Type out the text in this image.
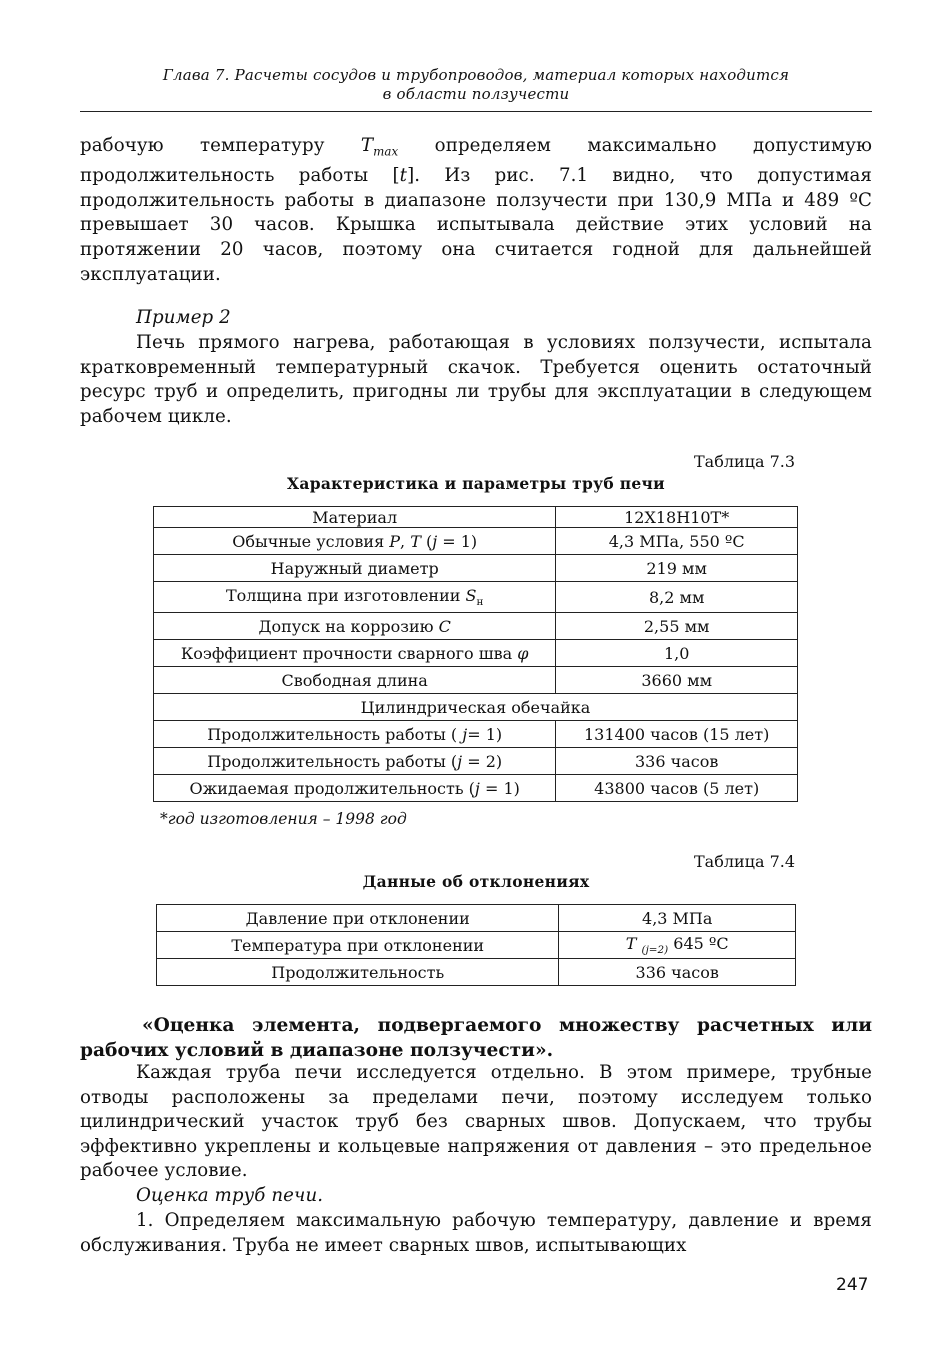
Глава 7. Расчеты сосудов и трубопроводов, материал которых находится
в области ползучести

рабочую температуру $T_{max}$ определяем максимально допустимую продолжительность работы [t]. Из рис. 7.1 видно, что допустимая продолжительность работы в диапазоне ползучести при 130,9 МПа и 489 ºС превышает 30 часов. Крышка испытывала действие этих условий на протяжении 20 часов, поэтому она считается годной для дальнейшей эксплуатации.

Пример 2

Печь прямого нагрева, работающая в условиях ползучести, испытала кратковременный температурный скачок. Требуется оценить остаточный ресурс труб и определить, пригодны ли трубы для эксплуатации в следующем рабочем цикле.

Таблица 7.3
Характеристика и параметры труб печи
Материал	12Х18Н10Т*
Обычные условия P, T (j = 1)	4,3 МПа, 550 ºС
Наружный диаметр	219 мм
Толщина при изготовлении $S_н$	8,2 мм
Допуск на коррозию C	2,55 мм
Коэффициент прочности сварного шва φ	1,0
Свободная длина	3660 мм
Цилиндрическая обечайка	
Продолжительность работы ( j= 1)	131400 часов (15 лет)
Продолжительность работы (j = 2)	336 часов
Ожидаемая продолжительность (j = 1)	43800 часов (5 лет)
*год изготовления – 1998 год
Таблица 7.4
Данные об отклонениях
Давление при отклонении	4,3 МПа
Температура при отклонении	T $_{(j=2)}$ 645 ºС
Продолжительность	336 часов

«Оценка элемента, подвергаемого множеству расчетных или рабочих условий в диапазоне ползучести».

Каждая труба печи исследуется отдельно. В этом примере, трубные отводы расположены за пределами печи, поэтому исследуем только цилиндрический участок труб без сварных швов. Допускаем, что трубы эффективно укреплены и кольцевые напряжения от давления – это предельное рабочее условие.

Оценка труб печи.

1. Определяем максимальную рабочую температуру, давление и время обслуживания. Труба не имеет сварных швов, испытывающих

247
